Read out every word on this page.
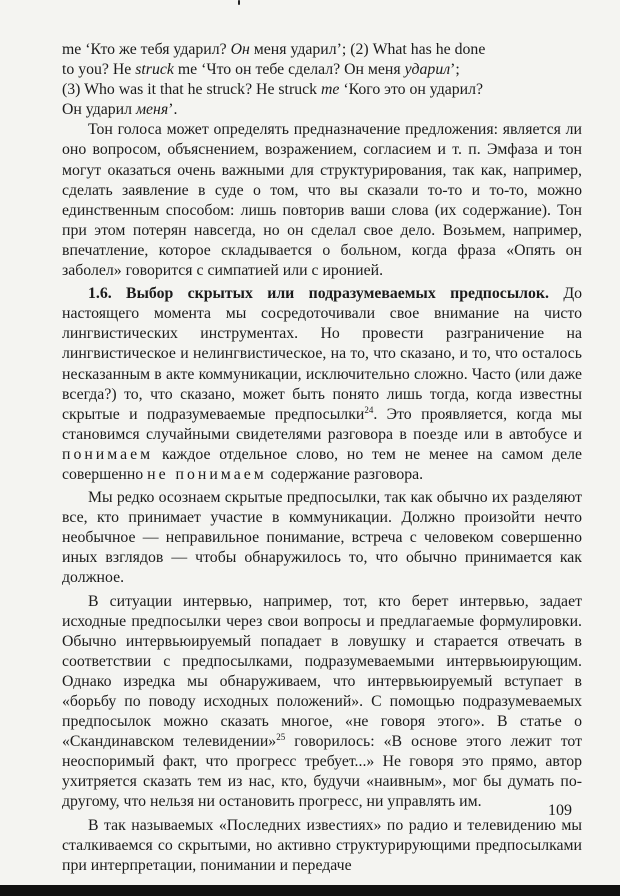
me ‘Кто же тебя ударил? Он меня ударил’; (2) What has he done
to you? He struck me ‘Что он тебе сделал? Он меня ударил’;
(3) Who was it that he struck? He struck me ‘Кого это он ударил?
Он ударил меня’.

Тон голоса может определять предназначение предложения: является ли оно вопросом, объяснением, возражением, согласием и т. п. Эмфаза и тон могут оказаться очень важными для структурирования, так как, например, сделать заявление в суде о том, что вы сказали то-то и то-то, можно единственным способом: лишь повторив ваши слова (их содержание). Тон при этом потерян навсегда, но он сделал свое дело. Возьмем, например, впечатление, которое складывается о больном, когда фраза «Опять он заболел» говорится с симпатией или с иронией.

1.6. Выбор скрытых или подразумеваемых предпосылок. До настоящего момента мы сосредоточивали свое внимание на чисто лингвистических инструментах. Но провести разграничение на лингвистическое и нелингвистическое, на то, что сказано, и то, что осталось несказанным в акте коммуникации, исключительно сложно. Часто (или даже всегда?) то, что сказано, может быть понято лишь тогда, когда известны скрытые и подразумеваемые предпосылки$^{24}$. Это проявляется, когда мы становимся случайными свидетелями разговора в поезде или в автобусе и понимаем каждое отдельное слово, но тем не менее на самом деле совершенно не понимаем содержание разговора.

Мы редко осознаем скрытые предпосылки, так как обычно их разделяют все, кто принимает участие в коммуникации. Должно произойти нечто необычное — неправильное понимание, встреча с человеком совершенно иных взглядов — чтобы обнаружилось то, что обычно принимается как должное.

В ситуации интервью, например, тот, кто берет интервью, задает исходные предпосылки через свои вопросы и предлагаемые формулировки. Обычно интервьюируемый попадает в ловушку и старается отвечать в соответствии с предпосылками, подразумеваемыми интервьюирующим. Однако изредка мы обнаруживаем, что интервьюируемый вступает в «борьбу по поводу исходных положений». С помощью подразумеваемых предпосылок можно сказать многое, «не говоря этого». В статье о «Скандинавском телевидении»$^{25}$ говорилось: «В основе этого лежит тот неоспоримый факт, что прогресс требует...» Не говоря это прямо, автор ухитряется сказать тем из нас, кто, будучи «наивным», мог бы думать по-другому, что нельзя ни остановить прогресс, ни управлять им.

В так называемых «Последних известиях» по радио и телевидению мы сталкиваемся со скрытыми, но активно структурирующими предпосылками при интерпретации, понимании и передаче

109
